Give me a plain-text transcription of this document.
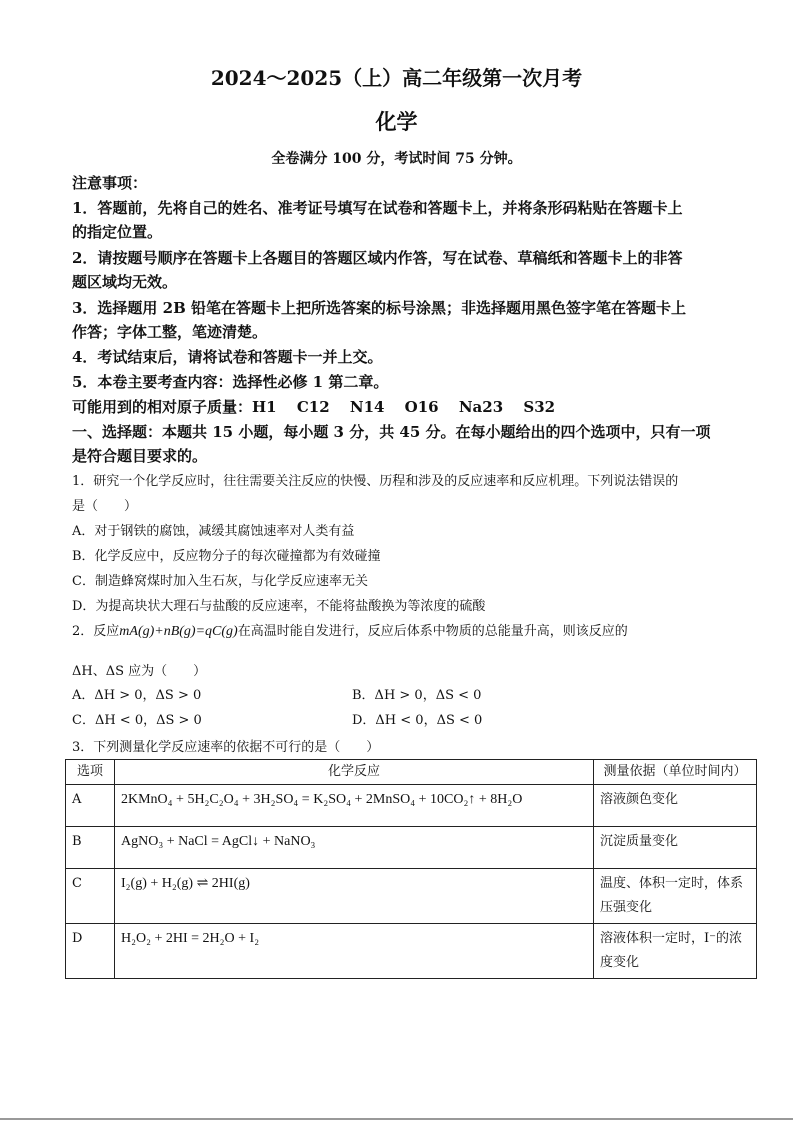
2024～2025（上）高二年级第一次月考
化学
全卷满分 100 分，考试时间 75 分钟。
注意事项：
1．答题前，先将自己的姓名、准考证号填写在试卷和答题卡上，并将条形码粘贴在答题卡上
的指定位置。
2．请按题号顺序在答题卡上各题目的答题区域内作答，写在试卷、草稿纸和答题卡上的非答
题区域均无效。
3．选择题用 2B 铅笔在答题卡上把所选答案的标号涂黑；非选择题用黑色签字笔在答题卡上
作答；字体工整，笔迹清楚。
4．考试结束后，请将试卷和答题卡一并上交。
5．本卷主要考查内容：选择性必修 1 第二章。
可能用到的相对原子质量：H1　 C12　 N14　 O16　 Na23　 S32
一、选择题：本题共 15 小题，每小题 3 分，共 45 分。在每小题给出的四个选项中，只有一项
是符合题目要求的。
1．研究一个化学反应时，往往需要关注反应的快慢、历程和涉及的反应速率和反应机理。下列说法错误的
是（　　）
A．对于钢铁的腐蚀，减缓其腐蚀速率对人类有益
B．化学反应中，反应物分子的每次碰撞都为有效碰撞
C．制造蜂窝煤时加入生石灰，与化学反应速率无关
D．为提高块状大理石与盐酸的反应速率，不能将盐酸换为等浓度的硫酸
2．反应mA(g)+nB(g)=qC(g)在高温时能自发进行，反应后体系中物质的总能量升高，则该反应的
ΔH、ΔS 应为（　　）
A．ΔH > 0，ΔS > 0	B．ΔH > 0，ΔS < 0
C．ΔH < 0，ΔS > 0	D．ΔH < 0，ΔS < 0
3．下列测量化学反应速率的依据不可行的是（　　）
选项	化学反应	测量依据（单位时间内）
A	2KMnO₄ + 5H₂C₂O₄ + 3H₂SO₄ = K₂SO₄ + 2MnSO₄ + 10CO₂↑ + 8H₂O	溶液颜色变化
B	AgNO₃ + NaCl = AgCl↓ + NaNO₃	沉淀质量变化
C	I₂(g) + H₂(g) ⇌ 2HI(g)	温度、体积一定时，体系压强变化
D	H₂O₂ + 2HI = 2H₂O + I₂	溶液体积一定时，I⁻的浓度变化
